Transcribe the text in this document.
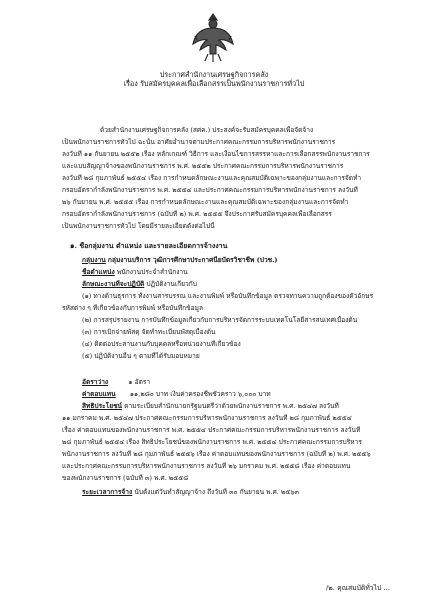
ประกาศสำนักงานเศรษฐกิจการคลัง
เรื่อง รับสมัครบุคคลเพื่อเลือกสรรเป็นพนักงานราชการทั่วไป
ด้วยสำนักงานเศรษฐกิจการคลัง (สศค.) ประสงค์จะรับสมัครบุคคลเพื่อจัดจ้าง
เป็นพนักงานราชการทั่วไป ฉะนั้น อาศัยอำนาจตามประกาศคณะกรรมการบริหารพนักงานราชการ
ลงวันที่ ๑๑ กันยายน ๒๕๕๒ เรื่อง หลักเกณฑ์ วิธีการ และเงื่อนไขการสรรหาและการเลือกสรรพนักงานราชการ
และแบบสัญญาจ้างของพนักงานราชการ พ.ศ. ๒๕๕๒ ประกาศคณะกรรมการบริหารพนักงานราชการ
ลงวันที่ ๒๘ กุมภาพันธ์ ๒๕๕๔ เรื่อง การกำหนดลักษณะงานและคุณสมบัติเฉพาะของกลุ่มงานและการจัดทำ
กรอบอัตรากำลังพนักงานราชการ พ.ศ. ๒๕๕๔ และประกาศคณะกรรมการบริหารพนักงานราชการ ลงวันที่
๒๖ กันยายน พ.ศ. ๒๕๕๕ เรื่อง การกำหนดลักษณะงานและคุณสมบัติเฉพาะของกลุ่มงานและการจัดทำ
กรอบอัตรากำลังพนักงานราชการ (ฉบับที่ ๒) พ.ศ. ๒๕๕๕ จึงประกาศรับสมัครบุคคลเพื่อเลือกสรร
เป็นพนักงานราชการทั่วไป โดยมีรายละเอียดดังต่อไปนี้
๑. ชื่อกลุ่มงาน ตำแหน่ง และรายละเอียดการจ้างงาน
กลุ่มงาน กลุ่มงานบริการ วุฒิการศึกษาประกาศนียบัตรวิชาชีพ (ปวช.)
ชื่อตำแหน่ง พนักงานประจำสำนักงาน
ลักษณะงานที่จะปฏิบัติ ปฏิบัติงานเกี่ยวกับ
(๑) ทางด้านธุรการ ทั้งงานสารบรรณ และงานพิมพ์ หรือบันทึกข้อมูล ตรวจทานความถูกต้องของตัวอักษร
รหัสต่าง ๆ ที่เกี่ยวข้องกับการพิมพ์ หรือบันทึกข้อมูล
(๒) การสรุปรายงาน การบันทึกข้อมูลเกี่ยวกับการบริหารจัดการระบบเทคโนโลยีสารสนเทศเบื้องต้น
(๓) การเบิกจ่ายพัสดุ จัดทำทะเบียนพัสดุเบื้องต้น
(๔) ติดต่อประสานงานกับบุคคลหรือหน่วยงานที่เกี่ยวข้อง
(๕) ปฏิบัติงานอื่น ๆ ตามที่ได้รับมอบหมาย
อัตราว่าง	๑ อัตรา
ค่าตอบแทน ๑๑,๒๘๐ บาท เงินค่าครองชีพชั่วคราว ๖,๐๐๐ บาท
สิทธิประโยชน์ ตามระเบียบสำนักนายกรัฐมนตรีว่าด้วยพนักงานราชการ พ.ศ. ๒๕๔๗ ลงวันที่
๑๑ มกราคม พ.ศ. ๒๕๔๗ ประกาศคณะกรรมการบริหารพนักงานราชการ ลงวันที่ ๒๘ กุมภาพันธ์ ๒๕๕๔
เรื่อง ค่าตอบแทนของพนักงานราชการ พ.ศ. ๒๕๕๔ ประกาศคณะกรรมการบริหารพนักงานราชการ ลงวันที่
๒๘ กุมภาพันธ์ ๒๕๕๔ เรื่อง สิทธิประโยชน์ของพนักงานราชการ พ.ศ. ๒๕๕๔ ประกาศคณะกรรมการบริหาร
พนักงานราชการ ลงวันที่ ๒๘ กุมภาพันธ์ ๒๕๕๖ เรื่อง ค่าตอบแทนของพนักงานราชการ (ฉบับที่ ๒) พ.ศ. ๒๕๕๖
และประกาศคณะกรรมการบริหารพนักงานราชการ ลงวันที่ ๒๖ มกราคม พ.ศ. ๒๕๕๘ เรื่อง ค่าตอบแทน
ของพนักงานราชการ (ฉบับที่ ๓) พ.ศ. ๒๕๕๘
ระยะเวลาการจ้าง นับตั้งแต่วันทำสัญญาจ้าง ถึงวันที่ ๓๐ กันยายน พ.ศ. ๒๕๖๓
/๒. คุณสมบัติทั่วไป ...
